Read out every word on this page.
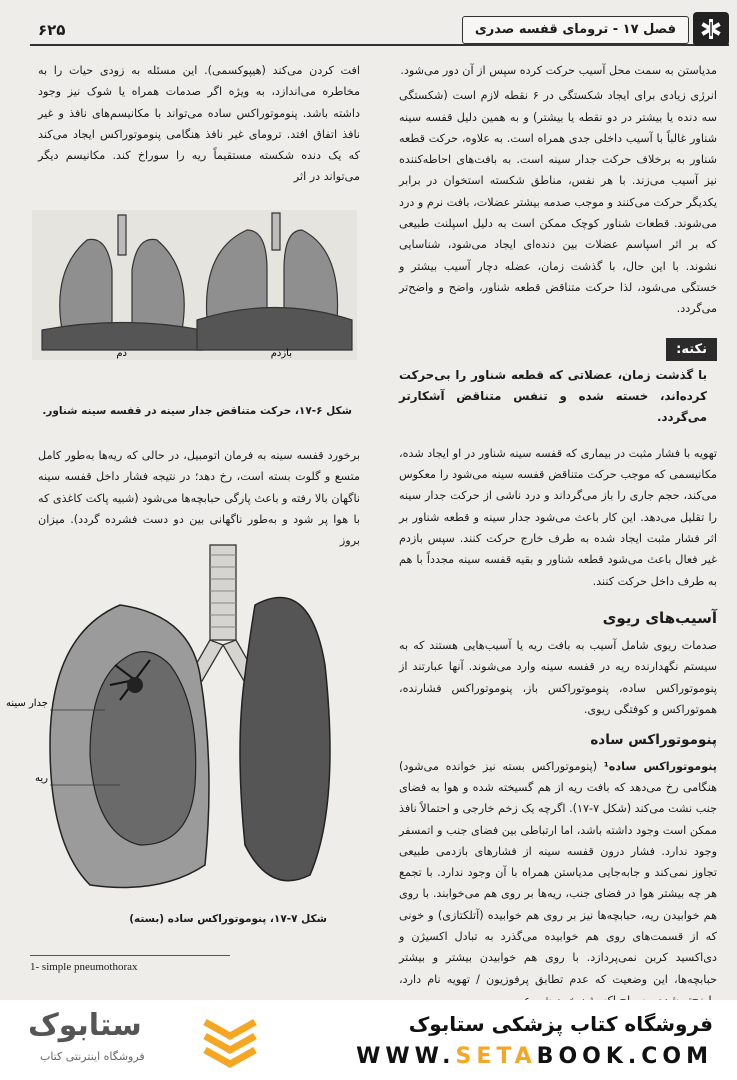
۶۲۵	فصل ۱۷ - ترومای قفسه صدری

مدیاستن به سمت محل آسیب حرکت کرده سپس از آن دور می‌شود.

انرژی زیادی برای ایجاد شکستگی در ۶ نقطه لازم است (شکستگی سه دنده یا بیشتر در دو نقطه یا بیشتر) و به همین دلیل قفسه سینه شناور غالباً با آسیب داخلی جدی همراه است. به علاوه، حرکت قطعه شناور به برخلاف حرکت جدار سینه است. به بافت‌های احاطه‌کننده نیز آسیب می‌زند. با هر نفس، مناطق شکسته استخوان در برابر یکدیگر حرکت می‌کنند و موجب صدمه بیشتر عضلات، بافت نرم و درد می‌شوند. قطعات شناور کوچک ممکن است به دلیل اسپلنت طبیعی که بر اثر اسپاسم عضلات بین دنده‌ای ایجاد می‌شود، شناسایی نشوند. با این حال، با گذشت زمان، عضله دچار آسیب بیشتر و خستگی می‌شود، لذا حرکت متناقض قطعه شناور، واضح و واضح‌تر می‌گردد.

نکته:

با گذشت زمان، عضلاتی که قطعه شناور را بی‌حرکت کرده‌اند، خسته شده و تنفس متناقض آشکارتر می‌گردد.

تهویه با فشار مثبت در بیماری که قفسه سینه شناور در او ایجاد شده، مکانیسمی که موجب حرکت متناقض قفسه سینه می‌شود را معکوس می‌کند، حجم جاری را باز می‌گرداند و درد ناشی از حرکت جدار سینه را تقلیل می‌دهد. این کار باعث می‌شود جدار سینه و قطعه شناور بر اثر فشار مثبت ایجاد شده به طرف خارج حرکت کنند. سپس بازدم غیر فعال باعث می‌شود قطعه شناور و بقیه قفسه سینه مجدداً با هم به طرف داخل حرکت کنند.

آسیب‌های ریوی

صدمات ریوی شامل آسیب به بافت ریه یا آسیب‌هایی هستند که به سیستم نگهدارنده ریه در قفسه سینه وارد می‌شوند. آنها عبارتند از پنوموتوراکس ساده، پنوموتوراکس باز، پنوموتوراکس فشارنده، هموتوراکس و کوفتگی ریوی.

پنوموتوراکس ساده

پنوموتوراکس ساده¹ (پنوموتوراکس بسته نیز خوانده می‌شود) هنگامی رخ می‌دهد که بافت ریه از هم گسیخته شده و هوا به فضای جنب نشت می‌کند (شکل ۷-۱۷). اگرچه یک زخم خارجی و احتمالاً نافذ ممکن است وجود داشته باشد، اما ارتباطی بین فضای جنب و اتمسفر وجود ندارد. فشار درون قفسه سینه از فشارهای بازدمی طبیعی تجاوز نمی‌کند و جابه‌جایی مدیاستن همراه با آن وجود ندارد. با تجمع هر چه بیشتر هوا در فضای جنب، ریه‌ها بر روی هم می‌خوابند. با روی هم خوابیدن ریه، حبابچه‌ها نیز بر روی هم خوابیده (آتلکتازی) و خونی که از قسمت‌های روی هم خوابیده می‌گذرد به تبادل اکسیژن و دی‌اکسید کربن نمی‌پردازد. با روی هم خوابیدن بیشتر و بیشتر حبابچه‌ها، این وضعیت که عدم تطابق پرفوزیون / تهویه نام دارد،

افت کردن می‌کند (هیپوکسمی). این مسئله به زودی حیات را به مخاطره می‌اندازد، به ویژه اگر صدمات همراه یا شوک نیز وجود داشته باشد. پنوموتوراکس ساده می‌تواند با مکانیسم‌های نافذ و غیر نافذ اتفاق افتد. ترومای غیر نافذ هنگامی پنوموتوراکس ایجاد می‌کند که یک دنده شکسته مستقیماً ریه را سوراخ کند. مکانیسم دیگر می‌تواند در اثر

دم	بازدم
شکل ۶-۱۷، حرکت متناقض جدار سینه در قفسه سینه شناور.

برخورد قفسه سینه به فرمان اتومبیل، در حالی که ریه‌ها به‌طور کامل متسع و گلوت بسته است، رخ دهد؛ در نتیجه فشار داخل قفسه سینه ناگهان بالا رفته و باعث پارگی حبابچه‌ها می‌شود (شبیه پاکت کاغذی که با هوا پر شود و به‌طور ناگهانی بین دو دست فشرده گردد). میزان بروز

جدار سینه
ریه
شکل ۷-۱۷، پنوموتوراکس ساده (بسته)
1- simple pneumothorax
ستابوک
فروشگاه اینترنتی کتاب
فروشگاه کتاب پزشکی ستابوک
WWW.SETABOOK.COM
